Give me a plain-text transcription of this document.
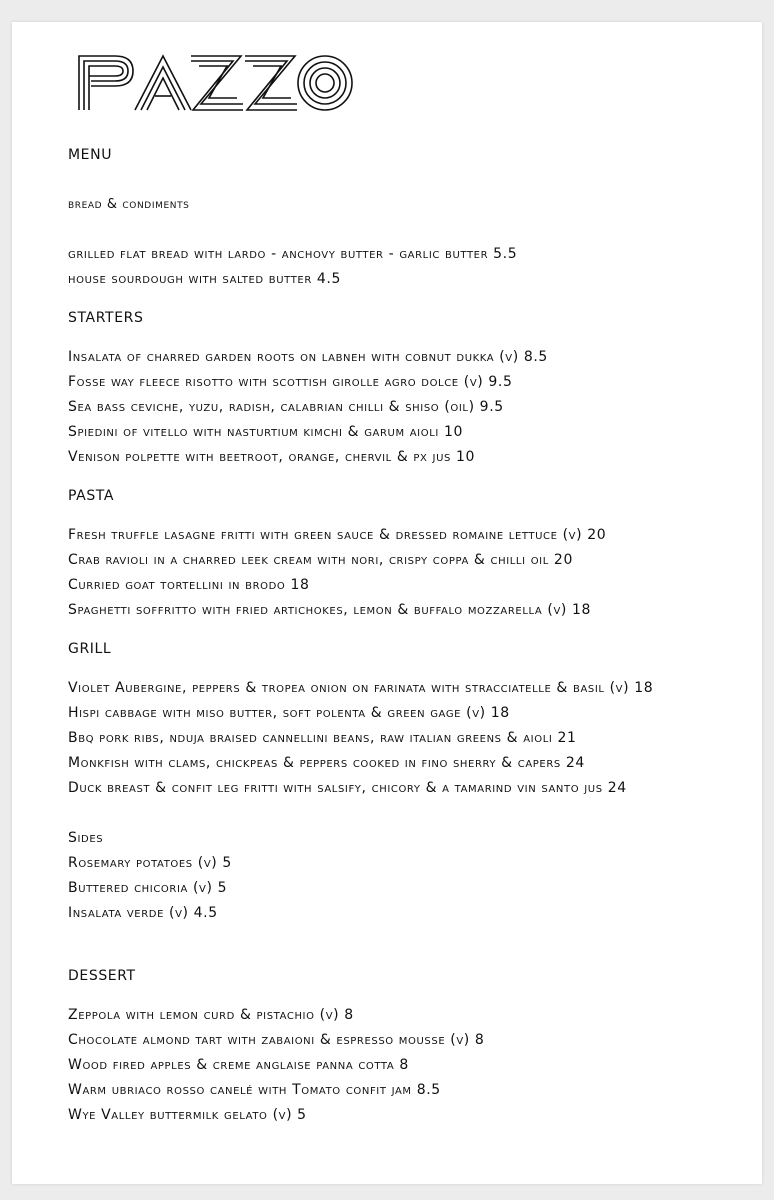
MENU
bread & condiments
grilled flat bread with lardo - anchovy butter - garlic butter 5.5
house sourdough with salted butter 4.5
STARTERS
Insalata of charred garden roots on labneh with cobnut dukka (v) 8.5
Fosse way fleece risotto with scottish girolle agro dolce (v) 9.5
Sea bass ceviche, yuzu, radish, calabrian chilli & shiso (oil) 9.5
Spiedini of vitello with nasturtium kimchi & garum aioli 10
Venison polpette with beetroot, orange, chervil & px jus 10
PASTA
Fresh truffle lasagne fritti with green sauce & dressed romaine lettuce (v) 20
Crab ravioli in a charred leek cream with nori, crispy coppa & chilli oil 20
Curried goat tortellini in brodo 18
Spaghetti soffritto with fried artichokes, lemon & buffalo mozzarella (v) 18
GRILL
Violet Aubergine, peppers & tropea onion on farinata with stracciatelle & basil (v) 18
Hispi cabbage with miso butter, soft polenta & green gage (v) 18
Bbq pork ribs, nduja braised cannellini beans, raw italian greens & aioli 21
Monkfish with clams, chickpeas & peppers cooked in fino sherry & capers 24
Duck breast & confit leg fritti with salsify, chicory & a tamarind vin santo jus 24
Sides
Rosemary potatoes (v) 5
Buttered chicoria (v) 5
Insalata verde (v) 4.5
DESSERT
Zeppola with lemon curd & pistachio (v) 8
Chocolate almond tart with zabaioni & espresso mousse (v) 8
Wood fired apples & creme anglaise panna cotta 8
Warm ubriaco rosso canelé with Tomato confit jam 8.5
Wye Valley buttermilk gelato (v) 5
